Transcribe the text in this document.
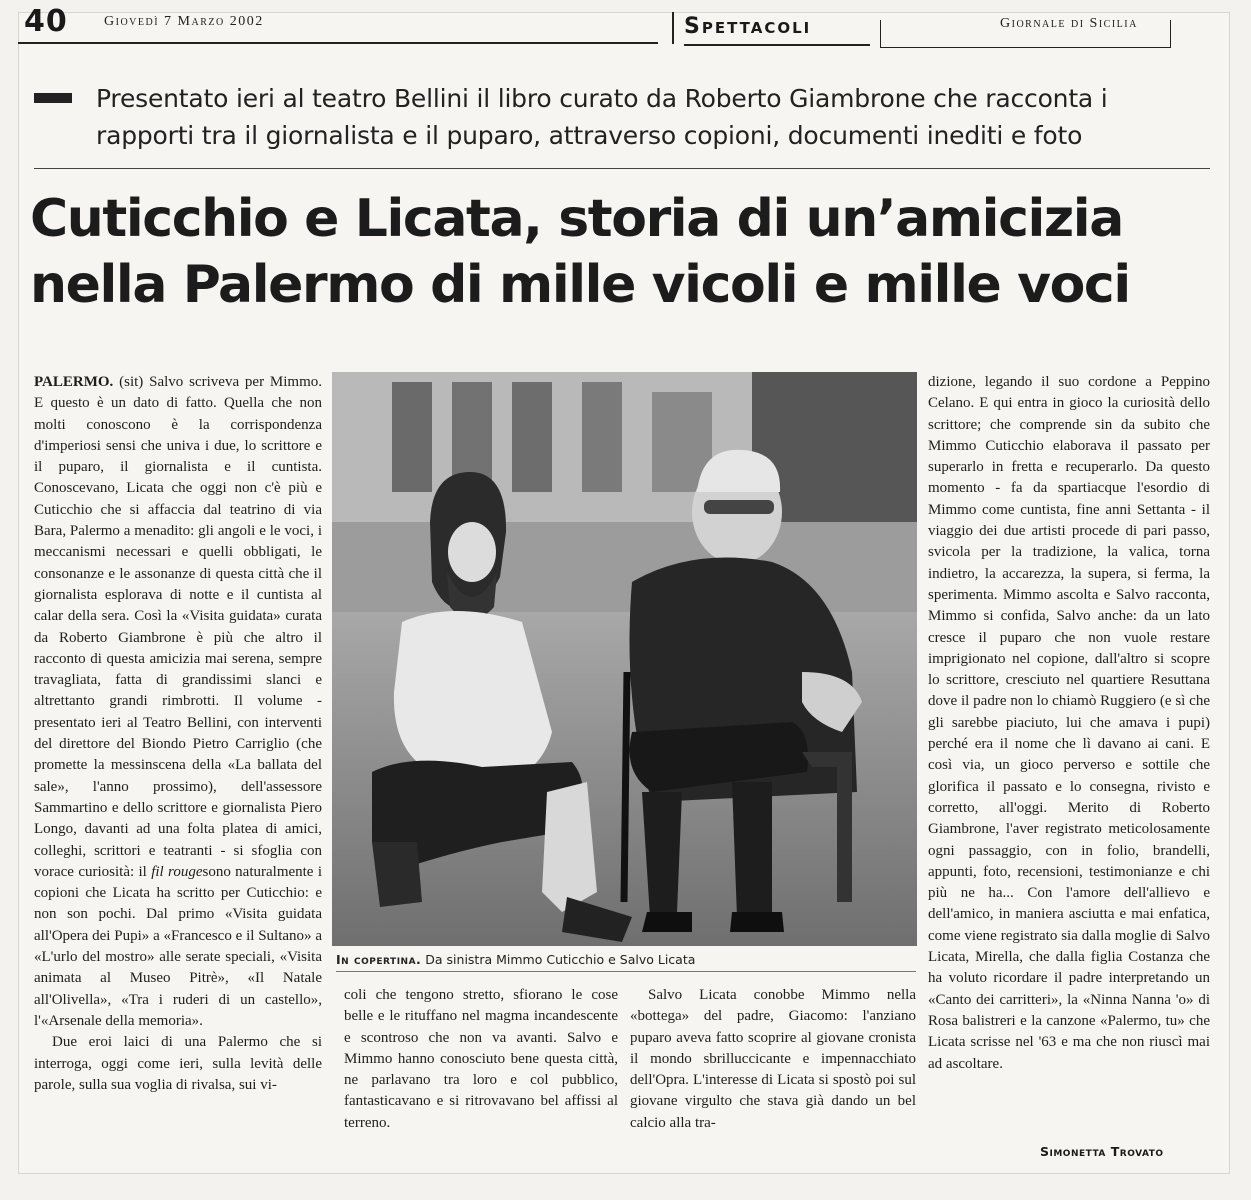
40	Giovedì 7 Marzo 2002	Spettacoli	Giornale di Sicilia
Presentato ieri al teatro Bellini il libro curato da Roberto Giambrone che racconta i rapporti tra il giornalista e il puparo, attraverso copioni, documenti inediti e foto
Cuticchio e Licata, storia di un’amicizia
nella Palermo di mille vicoli e mille voci

PALERMO. (sit) Salvo scriveva per Mimmo. E questo è un dato di fatto. Quella che non molti conoscono è la corrispondenza d'imperiosi sensi che univa i due, lo scrittore e il puparo, il giornalista e il cuntista. Conoscevano, Licata che oggi non c'è più e Cuticchio che si affaccia dal teatrino di via Bara, Palermo a menadito: gli angoli e le voci, i meccanismi necessari e quelli obbligati, le consonanze e le assonanze di questa città che il giornalista esplorava di notte e il cuntista al calar della sera. Così la «Visita guidata» curata da Roberto Giambrone è più che altro il racconto di questa amicizia mai serena, sempre travagliata, fatta di grandissimi slanci e altrettanto grandi rimbrotti. Il volume - presentato ieri al Teatro Bellini, con interventi del direttore del Biondo Pietro Carriglio (che promette la messinscena della «La ballata del sale», l'anno prossimo), dell'assessore Sammartino e dello scrittore e giornalista Piero Longo, davanti ad una folta platea di amici, colleghi, scrittori e teatranti - si sfoglia con vorace curiosità: il fil rougesono naturalmente i copioni che Licata ha scritto per Cuticchio: e non son pochi. Dal primo «Visita guidata all'Opera dei Pupi» a «Francesco e il Sultano» a «L'urlo del mostro» alle serate speciali, «Visita animata al Museo Pitrè», «Il Natale all'Olivella», «Tra i ruderi di un castello», l'«Arsenale della memoria».

Due eroi laici di una Palermo che si interroga, oggi come ieri, sulla levità delle parole, sulla sua voglia di rivalsa, sui vi-

In copertina. Da sinistra Mimmo Cuticchio e Salvo Licata

coli che tengono stretto, sfiorano le cose belle e le rituffano nel magma incandescente e scontroso che non va avanti. Salvo e Mimmo hanno conosciuto bene questa città, ne parlavano tra loro e col pubblico, fantasticavano e si ritrovavano bel affissi al terreno.

Salvo Licata conobbe Mimmo nella «bottega» del padre, Giacomo: l'anziano puparo aveva fatto scoprire al giovane cronista il mondo sbrilluccicante e impennacchiato dell'Opra. L'interesse di Licata si spostò poi sul giovane virgulto che stava già dando un bel calcio alla tra-

dizione, legando il suo cordone a Peppino Celano. E qui entra in gioco la curiosità dello scrittore; che comprende sin da subito che Mimmo Cuticchio elaborava il passato per superarlo in fretta e recuperarlo. Da questo momento - fa da spartiacque l'esordio di Mimmo come cuntista, fine anni Settanta - il viaggio dei due artisti procede di pari passo, svicola per la tradizione, la valica, torna indietro, la accarezza, la supera, si ferma, la sperimenta. Mimmo ascolta e Salvo racconta, Mimmo si confida, Salvo anche: da un lato cresce il puparo che non vuole restare imprigionato nel copione, dall'altro si scopre lo scrittore, cresciuto nel quartiere Resuttana dove il padre non lo chiamò Ruggiero (e sì che gli sarebbe piaciuto, lui che amava i pupi) perché era il nome che lì davano ai cani. E così via, un gioco perverso e sottile che glorifica il passato e lo consegna, rivisto e corretto, all'oggi. Merito di Roberto Giambrone, l'aver registrato meticolosamente ogni passaggio, con in folio, brandelli, appunti, foto, recensioni, testimonianze e chi più ne ha... Con l'amore dell'allievo e dell'amico, in maniera asciutta e mai enfatica, come viene registrato sia dalla moglie di Salvo Licata, Mirella, che dalla figlia Costanza che ha voluto ricordare il padre interpretando un «Canto dei carritteri», la «Ninna Nanna 'o» di Rosa balistreri e la canzone «Palermo, tu» che Licata scrisse nel '63 e ma che non riuscì mai ad ascoltare.

Simonetta Trovato
